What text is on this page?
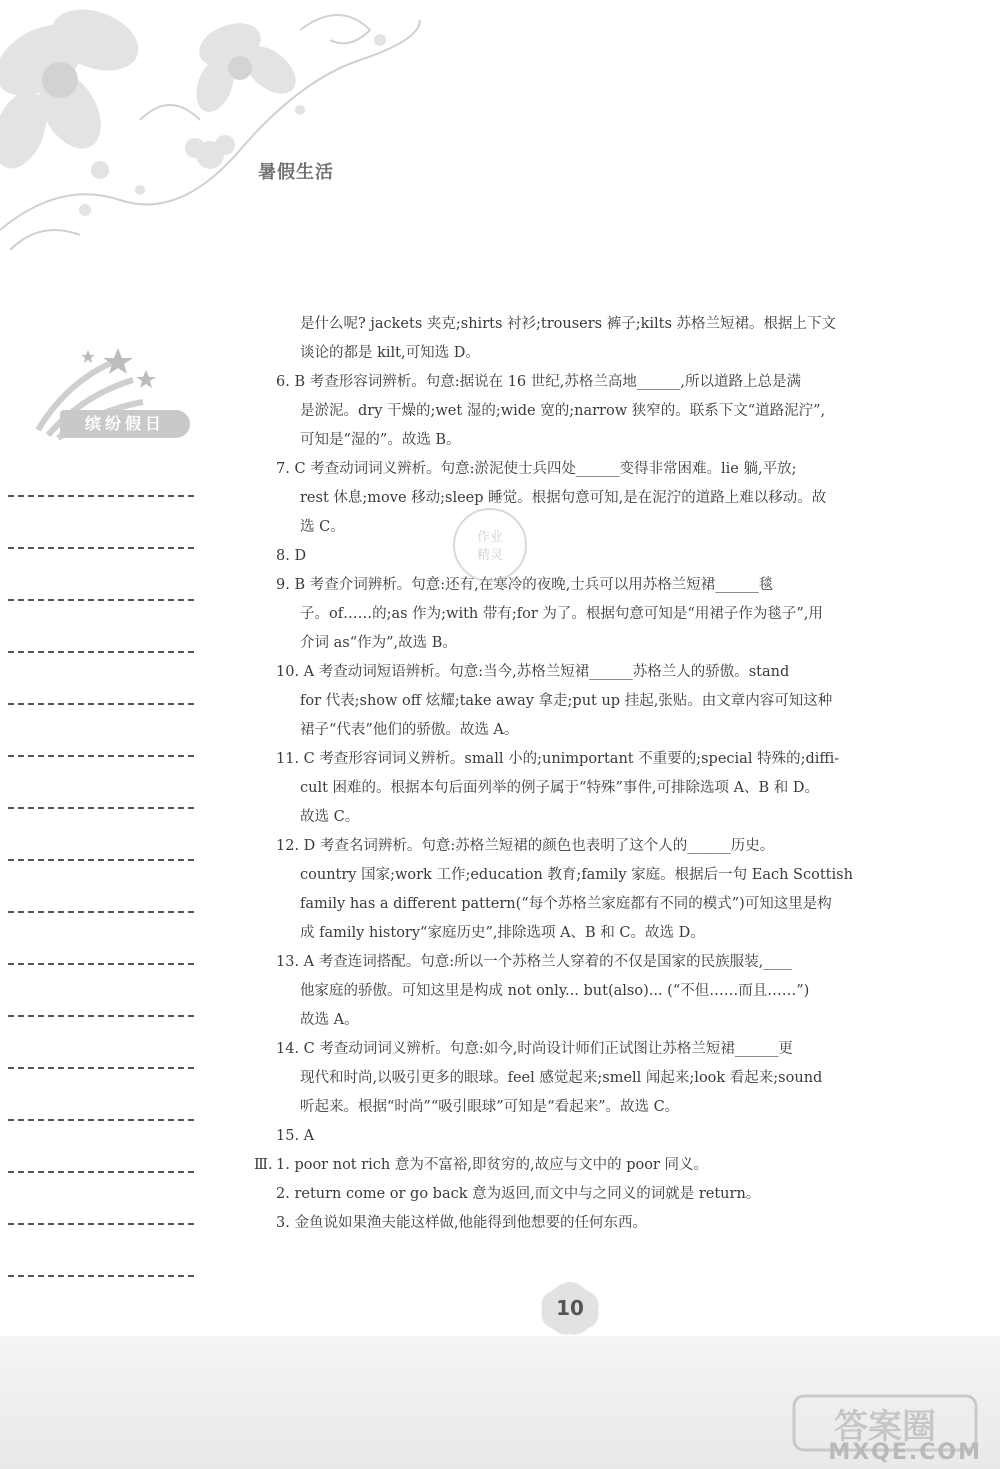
暑假生活
缤纷假日
是什么呢? jackets 夹克;shirts 衬衫;trousers 裤子;kilts 苏格兰短裙。根据上下文
谈论的都是 kilt,可知选 D。
6. B 考查形容词辨析。句意:据说在 16 世纪,苏格兰高地______,所以道路上总是满
是淤泥。dry 干燥的;wet 湿的;wide 宽的;narrow 狭窄的。联系下文“道路泥泞”,
可知是“湿的”。故选 B。
7. C 考查动词词义辨析。句意:淤泥使士兵四处______变得非常困难。lie 躺,平放;
rest 休息;move 移动;sleep 睡觉。根据句意可知,是在泥泞的道路上难以移动。故
选 C。
8. D
9. B 考查介词辨析。句意:还有,在寒冷的夜晚,士兵可以用苏格兰短裙______毯
子。of……的;as 作为;with 带有;for 为了。根据句意可知是“用裙子作为毯子”,用
介词 as“作为”,故选 B。
10. A 考查动词短语辨析。句意:当今,苏格兰短裙______苏格兰人的骄傲。stand
for 代表;show off 炫耀;take away 拿走;put up 挂起,张贴。由文章内容可知这种
裙子“代表”他们的骄傲。故选 A。
11. C 考查形容词词义辨析。small 小的;unimportant 不重要的;special 特殊的;diffi-
cult 困难的。根据本句后面列举的例子属于“特殊”事件,可排除选项 A、B 和 D。
故选 C。
12. D 考查名词辨析。句意:苏格兰短裙的颜色也表明了这个人的______历史。
country 国家;work 工作;education 教育;family 家庭。根据后一句 Each Scottish
family has a different pattern(“每个苏格兰家庭都有不同的模式”)可知这里是构
成 family history“家庭历史”,排除选项 A、B 和 C。故选 D。
13. A 考查连词搭配。句意:所以一个苏格兰人穿着的不仅是国家的民族服装,____
他家庭的骄傲。可知这里是构成 not only... but(also)... (“不但……而且……”)
故选 A。
14. C 考查动词词义辨析。句意:如今,时尚设计师们正试图让苏格兰短裙______更
现代和时尚,以吸引更多的眼球。feel 感觉起来;smell 闻起来;look 看起来;sound
听起来。根据“时尚”“吸引眼球”可知是“看起来”。故选 C。
15. A
Ⅲ. 1. poor not rich 意为不富裕,即贫穷的,故应与文中的 poor 同义。
2. return come or go back 意为返回,而文中与之同义的词就是 return。
3. 金鱼说如果渔夫能这样做,他能得到他想要的任何东西。
作业
精灵
10
答案圈
MXQE.COM
